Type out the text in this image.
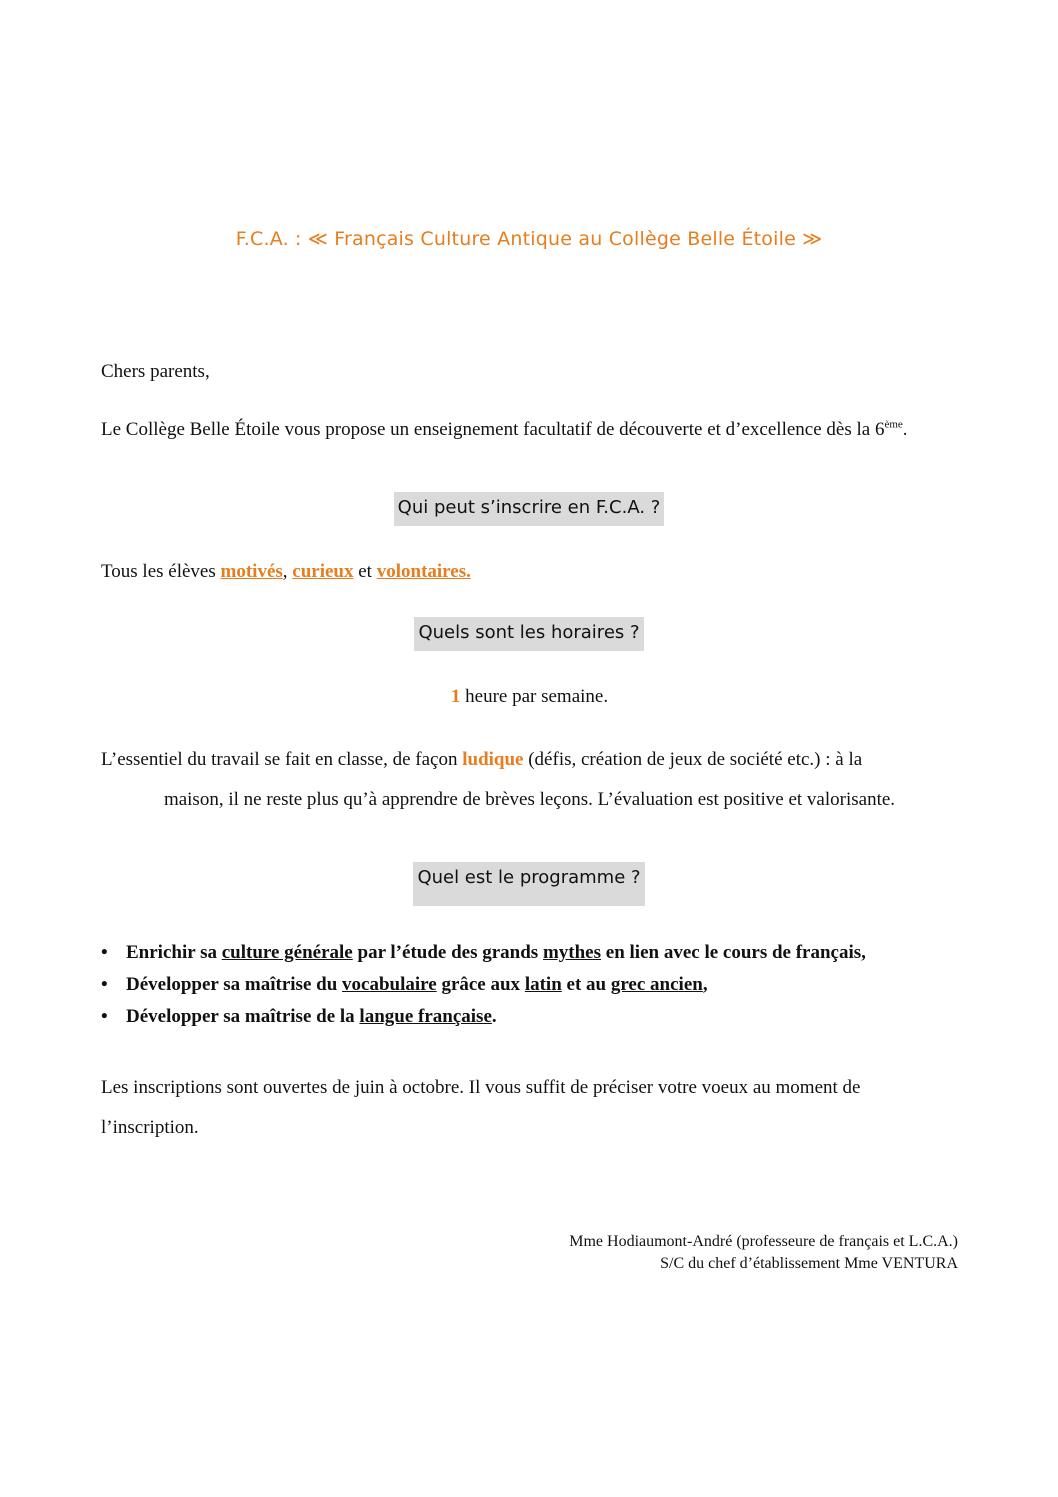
F.C.A. : ≪ Français Culture Antique au Collège Belle Étoile ≫
Chers parents,
Le Collège Belle Étoile vous propose un enseignement facultatif de découverte et d’excellence dès la 6ème.
Qui peut s’inscrire en F.C.A. ?
Tous les élèves motivés, curieux et volontaires.
Quels sont les horaires ?
1 heure par semaine.
L’essentiel du travail se fait en classe, de façon ludique (défis, création de jeux de société etc.) : à la
maison, il ne reste plus qu’à apprendre de brèves leçons. L’évaluation est positive et valorisante.
Quel est le programme ?
• Enrichir sa culture générale par l’étude des grands mythes en lien avec le cours de français,
• Développer sa maîtrise du vocabulaire grâce aux latin et au grec ancien,
• Développer sa maîtrise de la langue française.
Les inscriptions sont ouvertes de juin à octobre. Il vous suffit de préciser votre voeux au moment de
l’inscription.
Mme Hodiaumont-André (professeure de français et L.C.A.)
S/C du chef d’établissement Mme VENTURA
